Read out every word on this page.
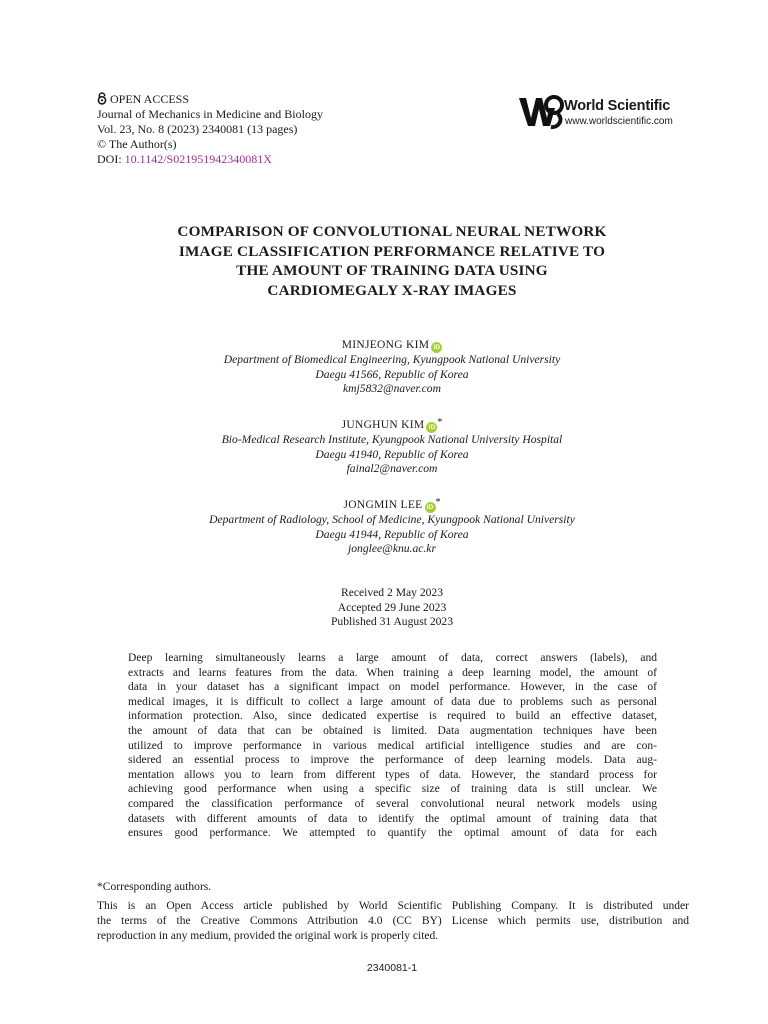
OPEN ACCESS
Journal of Mechanics in Medicine and Biology
Vol. 23, No. 8 (2023) 2340081 (13 pages)
© The Author(s)
DOI: 10.1142/S021951942340081X
World Scientific
www.worldscientific.com
COMPARISON OF CONVOLUTIONAL NEURAL NETWORK
IMAGE CLASSIFICATION PERFORMANCE RELATIVE TO
THE AMOUNT OF TRAINING DATA USING
CARDIOMEGALY X-RAY IMAGES
MINJEONG KIM iD
Department of Biomedical Engineering, Kyungpook National University
Daegu 41566, Republic of Korea
kmj5832@naver.com
JUNGHUN KIM iD *
Bio-Medical Research Institute, Kyungpook National University Hospital
Daegu 41940, Republic of Korea
fainal2@naver.com
JONGMIN LEE iD *
Department of Radiology, School of Medicine, Kyungpook National University
Daegu 41944, Republic of Korea
jonglee@knu.ac.kr
Received 2 May 2023
Accepted 29 June 2023
Published 31 August 2023
Deep learning simultaneously learns a large amount of data, correct answers (labels), and
extracts and learns features from the data. When training a deep learning model, the amount of
data in your dataset has a significant impact on model performance. However, in the case of
medical images, it is difficult to collect a large amount of data due to problems such as personal
information protection. Also, since dedicated expertise is required to build an effective dataset,
the amount of data that can be obtained is limited. Data augmentation techniques have been
utilized to improve performance in various medical artificial intelligence studies and are con-
sidered an essential process to improve the performance of deep learning models. Data aug-
mentation allows you to learn from different types of data. However, the standard process for
achieving good performance when using a specific size of training data is still unclear. We
compared the classification performance of several convolutional neural network models using
datasets with different amounts of data to identify the optimal amount of training data that
ensures good performance. We attempted to quantify the optimal amount of data for each
*Corresponding authors.
This is an Open Access article published by World Scientific Publishing Company. It is distributed under
the terms of the Creative Commons Attribution 4.0 (CC BY) License which permits use, distribution and
reproduction in any medium, provided the original work is properly cited.
2340081-1
